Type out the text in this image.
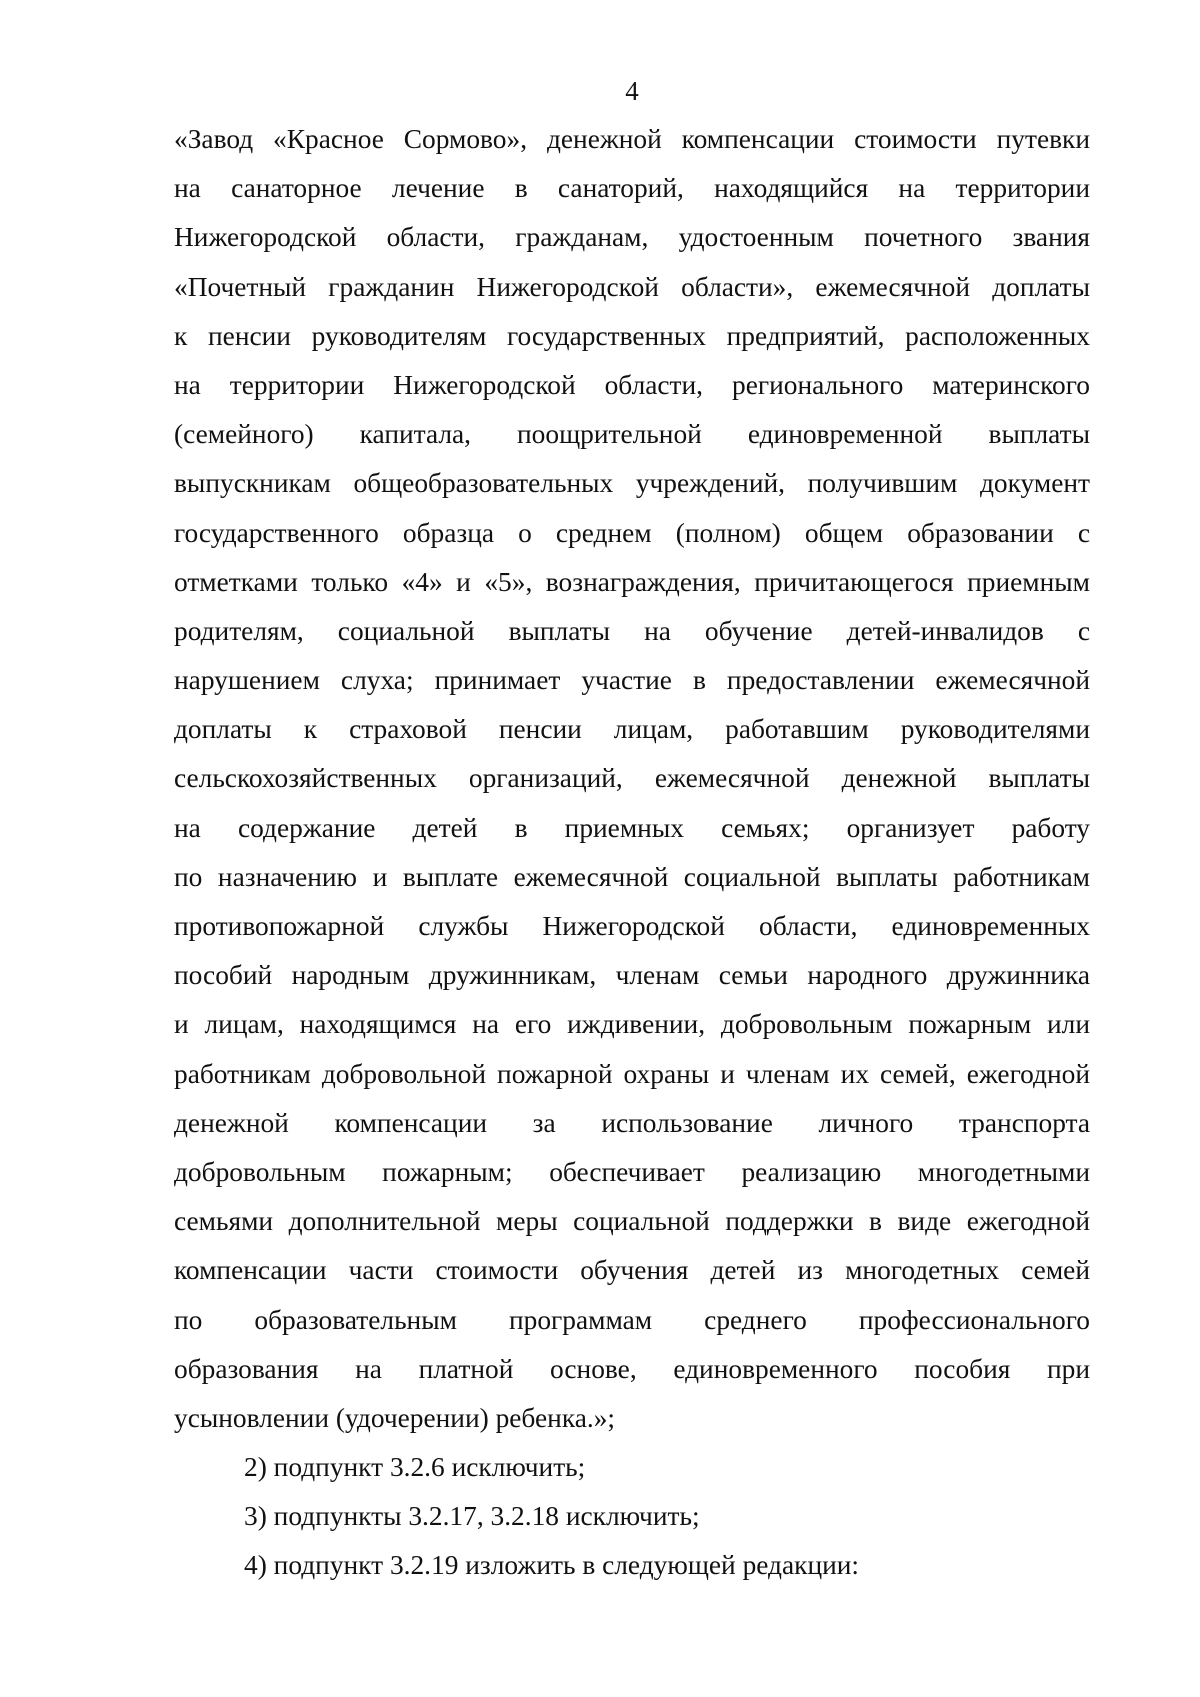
4
«Завод «Красное Сормово», денежной компенсации стоимости путевки
на санаторное лечение в санаторий, находящийся на территории
Нижегородской области, гражданам, удостоенным почетного звания
«Почетный гражданин Нижегородской области», ежемесячной доплаты
к пенсии руководителям государственных предприятий, расположенных
на территории Нижегородской области, регионального материнского
(семейного) капитала, поощрительной единовременной выплаты
выпускникам общеобразовательных учреждений, получившим документ
государственного образца о среднем (полном) общем образовании с
отметками только «4» и «5», вознаграждения, причитающегося приемным
родителям, социальной выплаты на обучение детей-инвалидов с
нарушением слуха; принимает участие в предоставлении ежемесячной
доплаты к страховой пенсии лицам, работавшим руководителями
сельскохозяйственных организаций, ежемесячной денежной выплаты
на содержание детей в приемных семьях; организует работу
по назначению и выплате ежемесячной социальной выплаты работникам
противопожарной службы Нижегородской области, единовременных
пособий народным дружинникам, членам семьи народного дружинника
и лицам, находящимся на его иждивении, добровольным пожарным или
работникам добровольной пожарной охраны и членам их семей, ежегодной
денежной компенсации за использование личного транспорта
добровольным пожарным; обеспечивает реализацию многодетными
семьями дополнительной меры социальной поддержки в виде ежегодной
компенсации части стоимости обучения детей из многодетных семей
по образовательным программам среднего профессионального
образования на платной основе, единовременного пособия при
усыновлении (удочерении) ребенка.»;
2) подпункт 3.2.6 исключить;
3) подпункты 3.2.17, 3.2.18 исключить;
4) подпункт 3.2.19 изложить в следующей редакции:
